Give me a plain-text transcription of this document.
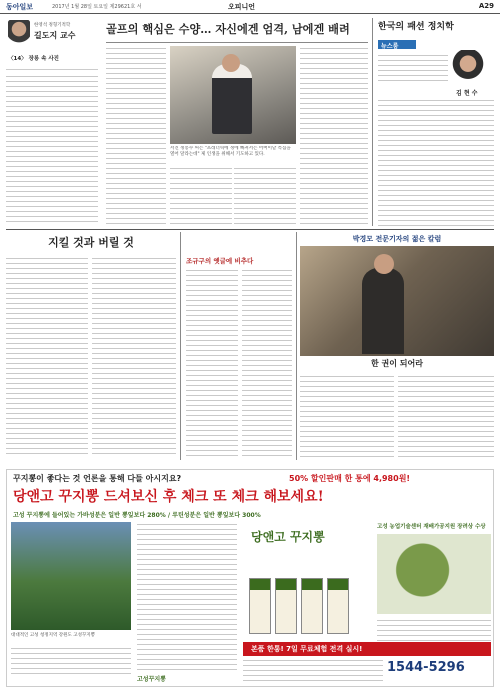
동아일보	2017년 1월 28일 토요일 제29621호 서	오피니언	A29
한영석 정형기적학
길도지 교수
〈14〉 장롱 속 사진
골프의 핵심은 수양… 자신에겐 엄격, 남에겐 배려
서진 정봉수 씨는 "프레더릭에 정에 빠져서는 어버이날 특집을 열어 달라는데" 제 인생을 위해서 기도하고 있다.
한국의 패션 정치학
뉴스룸
김 현 수
지킬 것과 버릴 것
조규구의 옛글에 비추다
박경모 전문기자의 젊은 칼럼
한 권이 되어라
꾸지뽕이 좋다는 것 언론을 통해 다들 아시지요?	50% 할인판매 한 통에 4,980원!
당앤고 꾸지뽕 드셔보신 후 체크 또 체크 해보세요!
고성 꾸지뽕에 들어있는 가바성분은 일반 뽕잎보다 280% / 루틴성분은 일반 뽕잎보다 300%
대대적인 고성 청정지역 강원도 고성꾸지뽕
당앤고 꾸지뽕
고성 농업기술센터 재배가공지원 장려상 수상
본품 한통! 7일 무료체험 전격 실시!
1544-5296
고성꾸지뽕
